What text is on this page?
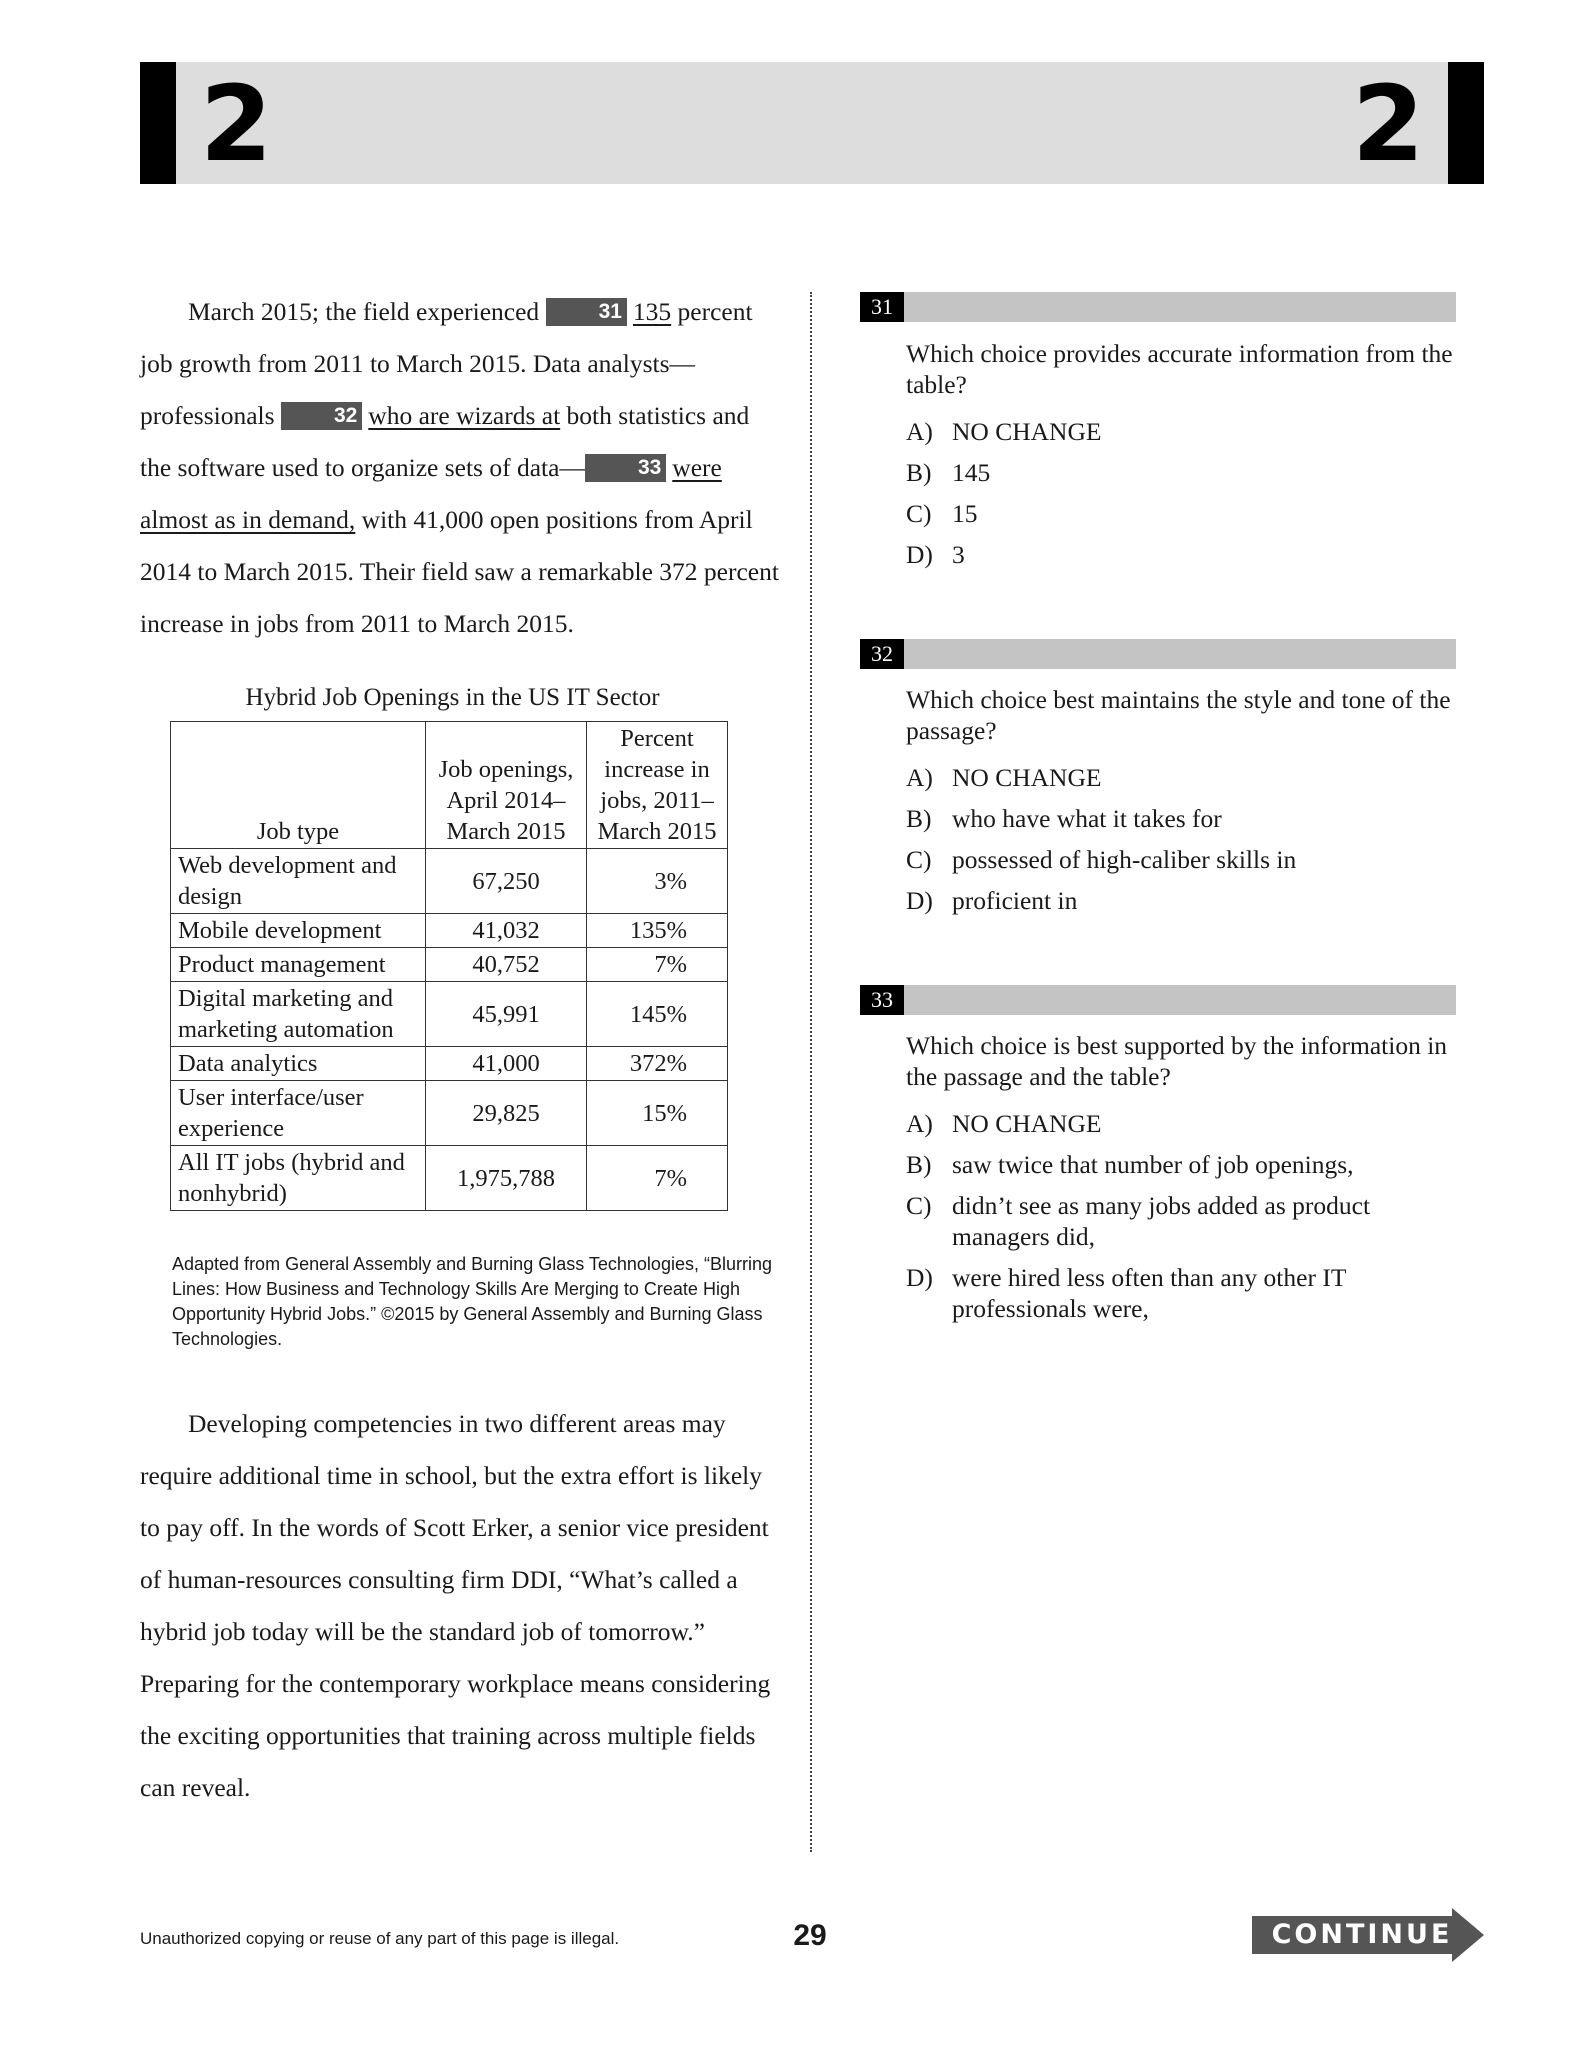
2	2

March 2015; the field experienced	31 135 percent job growth from 2011 to March 2015. Data analysts—professionals	32 who are wizards at both statistics and the software used to organize sets of data—	33 were almost as in demand, with 41,000 open positions from April 2014 to March 2015. Their field saw a remarkable 372 percent increase in jobs from 2011 to March 2015.

Hybrid Job Openings in the US IT Sector
Job type	Job openings, April 2014–March 2015	Percent increase in jobs, 2011–March 2015
Web development and design	67,250	3%
Mobile development	41,032	135%
Product management	40,752	7%
Digital marketing and marketing automation	45,991	145%
Data analytics	41,000	372%
User interface/user experience	29,825	15%
All IT jobs (hybrid and nonhybrid)	1,975,788	7%
Adapted from General Assembly and Burning Glass Technologies, “Blurring Lines: How Business and Technology Skills Are Merging to Create High Opportunity Hybrid Jobs.” ©2015 by General Assembly and Burning Glass Technologies.

Developing competencies in two different areas may require additional time in school, but the extra effort is likely to pay off. In the words of Scott Erker, a senior vice president of human-resources consulting firm DDI, “What’s called a hybrid job today will be the standard job of tomorrow.” Preparing for the contemporary workplace means considering the exciting opportunities that training across multiple fields can reveal.

31
Which choice provides accurate information from the table?
A) NO CHANGE
B) 145
C) 15
D) 3
32
Which choice best maintains the style and tone of the passage?
A) NO CHANGE
B) who have what it takes for
C) possessed of high-caliber skills in
D) proficient in
33
Which choice is best supported by the information in the passage and the table?
A) NO CHANGE
B) saw twice that number of job openings,
C) didn’t see as many jobs added as product managers did,
D) were hired less often than any other IT professionals were,
Unauthorized copying or reuse of any part of this page is illegal.	29	CONTINUE
